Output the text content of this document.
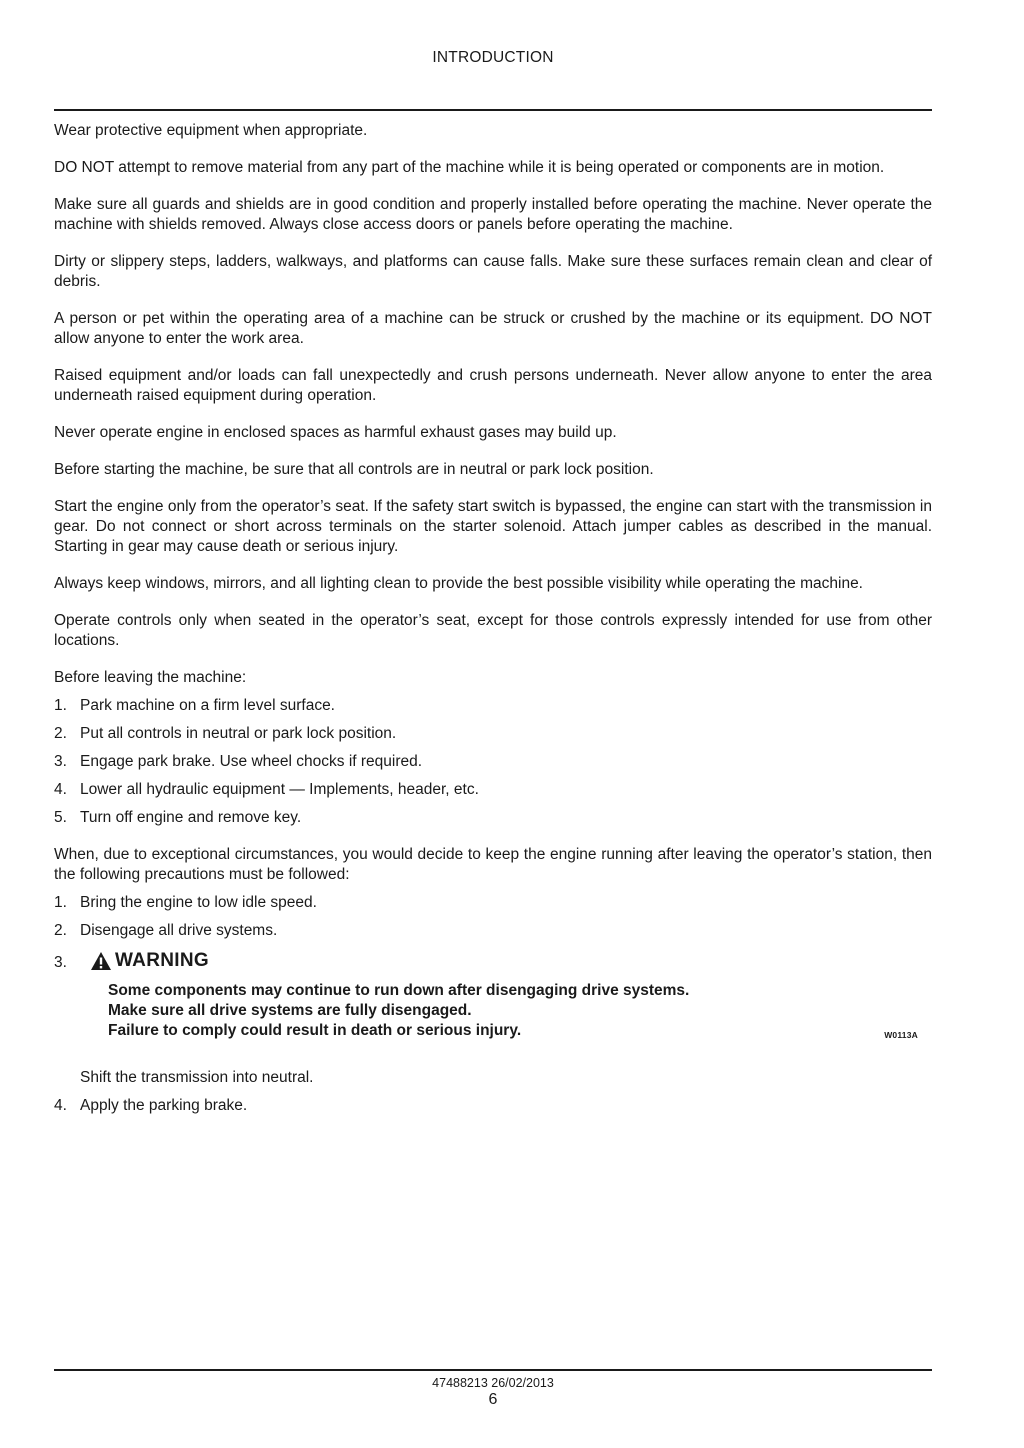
INTRODUCTION

Wear protective equipment when appropriate.

DO NOT attempt to remove material from any part of the machine while it is being operated or components are in motion.

Make sure all guards and shields are in good condition and properly installed before operating the machine. Never operate the machine with shields removed. Always close access doors or panels before operating the machine.

Dirty or slippery steps, ladders, walkways, and platforms can cause falls. Make sure these surfaces remain clean and clear of debris.

A person or pet within the operating area of a machine can be struck or crushed by the machine or its equipment. DO NOT allow anyone to enter the work area.

Raised equipment and/or loads can fall unexpectedly and crush persons underneath. Never allow anyone to enter the area underneath raised equipment during operation.

Never operate engine in enclosed spaces as harmful exhaust gases may build up.

Before starting the machine, be sure that all controls are in neutral or park lock position.

Start the engine only from the operator’s seat. If the safety start switch is bypassed, the engine can start with the transmission in gear. Do not connect or short across terminals on the starter solenoid. Attach jumper cables as described in the manual. Starting in gear may cause death or serious injury.

Always keep windows, mirrors, and all lighting clean to provide the best possible visibility while operating the machine.

Operate controls only when seated in the operator’s seat, except for those controls expressly intended for use from other locations.

Before leaving the machine:

1. Park machine on a firm level surface.
2. Put all controls in neutral or park lock position.
3. Engage park brake. Use wheel chocks if required.
4. Lower all hydraulic equipment — Implements, header, etc.
5. Turn off engine and remove key.

When, due to exceptional circumstances, you would decide to keep the engine running after leaving the operator’s station, then the following precautions must be followed:

1. Bring the engine to low idle speed.
2. Disengage all drive systems.
3.	WARNING
Some components may continue to run down after disengaging drive systems.
Make sure all drive systems are fully disengaged.
Failure to comply could result in death or serious injury.	W0113A
Shift the transmission into neutral.
4. Apply the parking brake.
47488213 26/02/2013
6
